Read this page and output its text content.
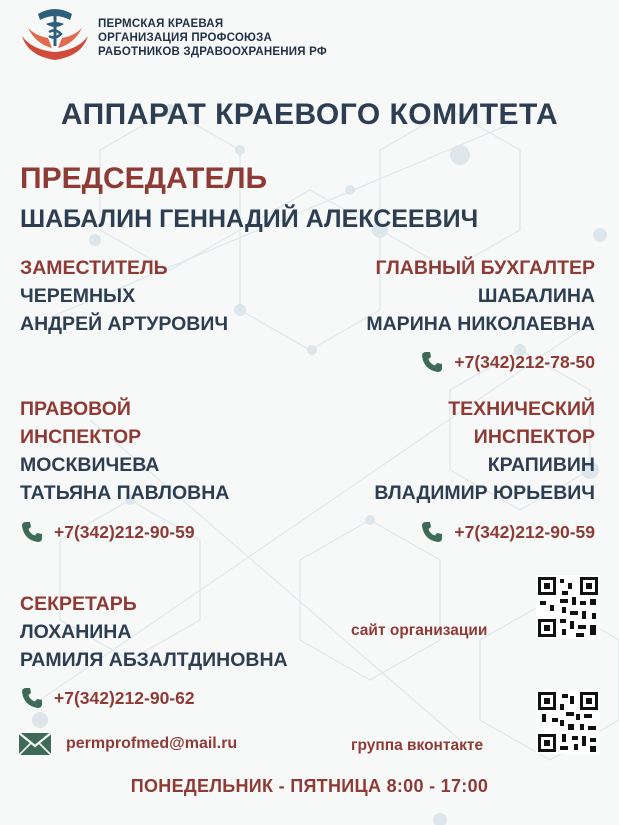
ПЕРМСКАЯ КРАЕВАЯ
ОРГАНИЗАЦИЯ ПРОФСОЮЗА
РАБОТНИКОВ ЗДРАВООХРАНЕНИЯ РФ
АППАРАТ КРАЕВОГО КОМИТЕТА
ПРЕДСЕДАТЕЛЬ
ШАБАЛИН ГЕННАДИЙ АЛЕКСЕЕВИЧ
ЗАМЕСТИТЕЛЬ
ЧЕРЕМНЫХ
АНДРЕЙ АРТУРОВИЧ
ГЛАВНЫЙ БУХГАЛТЕР
ШАБАЛИНА
МАРИНА НИКОЛАЕВНА
+7(342)212-78-50
ПРАВОВОЙ
ИНСПЕКТОР
МОСКВИЧЕВА
ТАТЬЯНА ПАВЛОВНА
+7(342)212-90-59
ТЕХНИЧЕСКИЙ
ИНСПЕКТОР
КРАПИВИН
ВЛАДИМИР ЮРЬЕВИЧ
+7(342)212-90-59
СЕКРЕТАРЬ
ЛОХАНИНА
РАМИЛЯ АБЗАЛТДИНОВНА
+7(342)212-90-62
permprofmed@mail.ru
сайт организации
группа вконтакте
ПОНЕДЕЛЬНИК - ПЯТНИЦА 8:00 - 17:00
